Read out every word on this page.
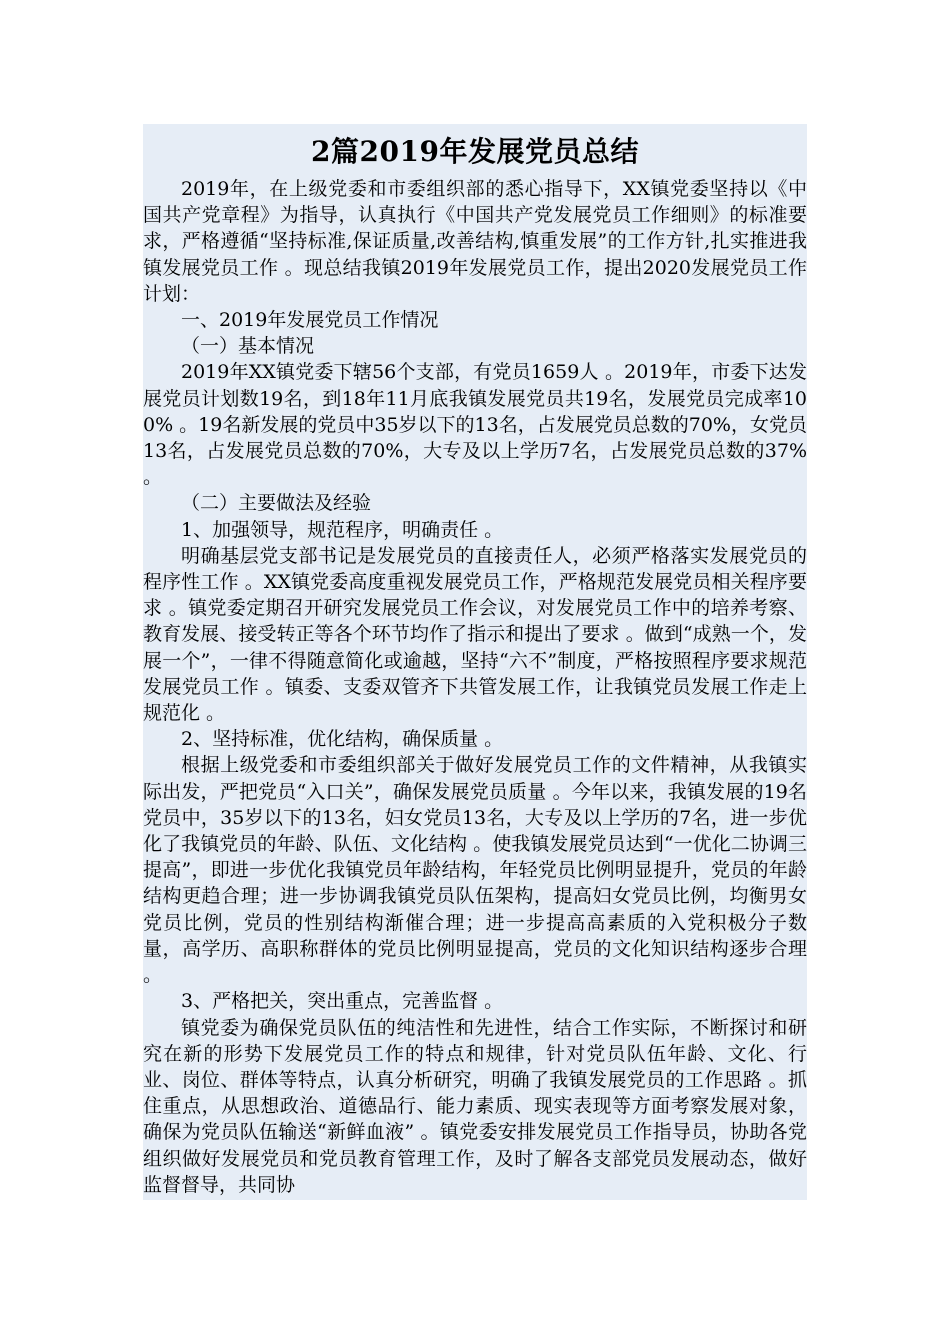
2篇2019年发展党员总结

2019年，在上级党委和市委组织部的悉心指导下，XX镇党委坚持以《中国共产党章程》为指导，认真执行《中国共产党发展党员工作细则》的标准要求，严格遵循“坚持标准,保证质量,改善结构,慎重发展”的工作方针,扎实推进我镇发展党员工作 。现总结我镇2019年发展党员工作，提出2020发展党员工作计划：

一、2019年发展党员工作情况

（一）基本情况

2019年XX镇党委下辖56个支部，有党员1659人 。2019年，市委下达发展党员计划数19名，到18年11月底我镇发展党员共19名，发展党员完成率100% 。19名新发展的党员中35岁以下的13名，占发展党员总数的70%，女党员13名，占发展党员总数的70%，大专及以上学历7名，占发展党员总数的37% 。

（二）主要做法及经验

1、加强领导，规范程序，明确责任 。

明确基层党支部书记是发展党员的直接责任人，必须严格落实发展党员的程序性工作 。XX镇党委高度重视发展党员工作，严格规范发展党员相关程序要求 。镇党委定期召开研究发展党员工作会议，对发展党员工作中的培养考察、教育发展、接受转正等各个环节均作了指示和提出了要求 。做到“成熟一个，发展一个”，一律不得随意简化或逾越，坚持“六不”制度，严格按照程序要求规范发展党员工作 。镇委、支委双管齐下共管发展工作，让我镇党员发展工作走上规范化 。

2、坚持标准，优化结构，确保质量 。

根据上级党委和市委组织部关于做好发展党员工作的文件精神，从我镇实际出发，严把党员“入口关”，确保发展党员质量 。今年以来，我镇发展的19名党员中，35岁以下的13名，妇女党员13名，大专及以上学历的7名，进一步优化了我镇党员的年龄、队伍、文化结构 。使我镇发展党员达到“一优化二协调三提高”，即进一步优化我镇党员年龄结构，年轻党员比例明显提升，党员的年龄结构更趋合理；进一步协调我镇党员队伍架构，提高妇女党员比例，均衡男女党员比例，党员的性别结构渐催合理；进一步提高高素质的入党积极分子数量，高学历、高职称群体的党员比例明显提高，党员的文化知识结构逐步合理 。

3、严格把关，突出重点，完善监督 。

镇党委为确保党员队伍的纯洁性和先进性，结合工作实际，不断探讨和研究在新的形势下发展党员工作的特点和规律，针对党员队伍年龄、文化、行业、岗位、群体等特点，认真分析研究，明确了我镇发展党员的工作思路 。抓住重点，从思想政治、道德品行、能力素质、现实表现等方面考察发展对象，确保为党员队伍输送“新鲜血液” 。镇党委安排发展党员工作指导员，协助各党组织做好发展党员和党员教育管理工作，及时了解各支部党员发展动态，做好监督督导，共同协
